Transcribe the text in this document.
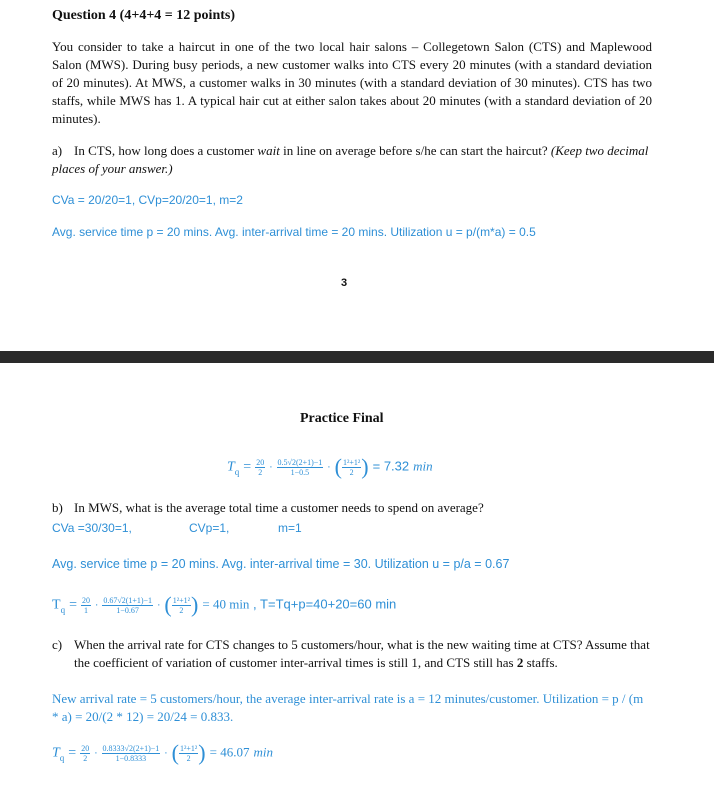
Question 4 (4+4+4 = 12 points)
You consider to take a haircut in one of the two local hair salons – Collegetown Salon (CTS) and Maplewood Salon (MWS). During busy periods, a new customer walks into CTS every 20 minutes (with a standard deviation of 20 minutes). At MWS, a customer walks in 30 minutes (with a standard deviation of 30 minutes). CTS has two staffs, while MWS has 1. A typical hair cut at either salon takes about 20 minutes (with a standard deviation of 20 minutes).
a) In CTS, how long does a customer wait in line on average before s/he can start the haircut? (Keep two decimal places of your answer.)
CVa = 20/20=1, CVp=20/20=1, m=2
Avg. service time p = 20 mins. Avg. inter-arrival time = 20 mins. Utilization u = p/(m*a) = 0.5
3
Practice Final
$T_q = \frac{20}{2} \cdot \frac{0.5√2(2+1)-1}{1-0.5}$ · ( $\frac{\text{1²+1²}}{2}$ ) = 7.32 min
b) In MWS, what is the average total time a customer needs to spend on average?
CVa =30/30=1,	CVp=1,	m=1
Avg. service time p = 20 mins. Avg. inter-arrival time = 30. Utilization u = p/a = 0.67
$T_q = \frac{20}{1} \cdot \frac{0.67√2(1+1)-1}{1-0.67}$ · ( $\frac{\text{1²+1²}}{2}$ ) = 40 min , T=Tq+p=40+20=60 min
c) When the arrival rate for CTS changes to 5 customers/hour, what is the new waiting time at CTS? Assume that the coefficient of variation of customer inter-arrival times is still 1, and CTS still has 2 staffs.
New arrival rate = 5 customers/hour, the average inter-arrival rate is a = 12 minutes/customer. Utilization = p / (m * a) = 20/(2 * 12) = 20/24 = 0.833.
$T_q = \frac{20}{2} \cdot \frac{0.8333√2(2+1)-1}{1-0.8333}$ · ( $\frac{\text{1²+1²}}{2}$ ) = 46.07 min
